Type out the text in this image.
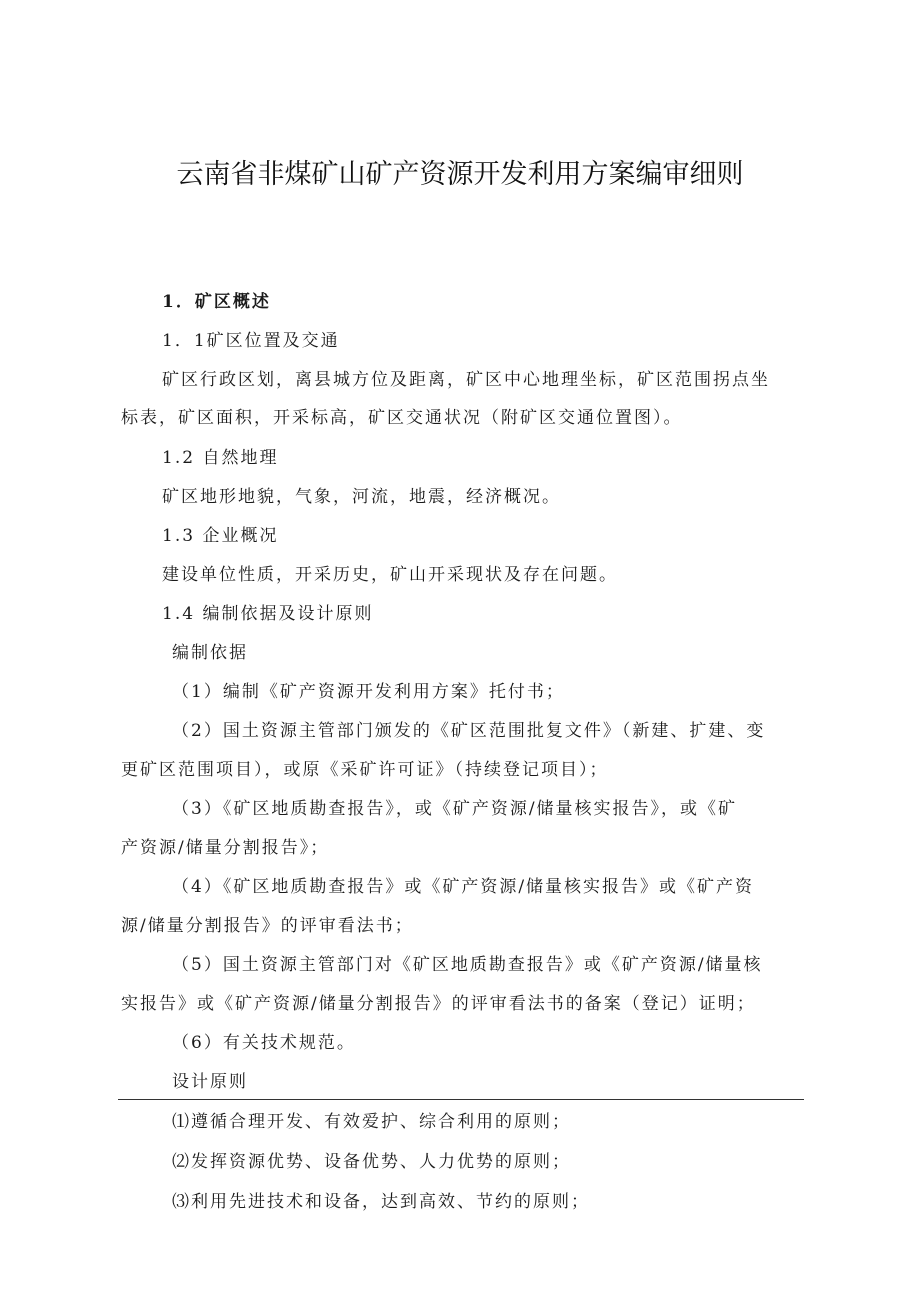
云南省非煤矿山矿产资源开发利用方案编审细则
1．矿区概述
1．1矿区位置及交通
矿区行政区划，离县城方位及距离，矿区中心地理坐标，矿区范围拐点坐
标表，矿区面积，开采标高，矿区交通状况（附矿区交通位置图）。
1.2 自然地理
矿区地形地貌，气象，河流，地震，经济概况。
1.3 企业概况
建设单位性质，开采历史，矿山开采现状及存在问题。
1.4 编制依据及设计原则
编制依据
（1）编制《矿产资源开发利用方案》托付书；
（2）国土资源主管部门颁发的《矿区范围批复文件》（新建、扩建、变
更矿区范围项目），或原《采矿许可证》（持续登记项目）；
（3）《矿区地质勘查报告》，或《矿产资源/储量核实报告》，或《矿
产资源/储量分割报告》；
（4）《矿区地质勘查报告》或《矿产资源/储量核实报告》或《矿产资
源/储量分割报告》的评审看法书；
（5）国土资源主管部门对《矿区地质勘查报告》或《矿产资源/储量核
实报告》或《矿产资源/储量分割报告》的评审看法书的备案（登记）证明；
（6）有关技术规范。
设计原则
⑴遵循合理开发、有效爱护、综合利用的原则；
⑵发挥资源优势、设备优势、人力优势的原则；
⑶利用先进技术和设备，达到高效、节约的原则；
